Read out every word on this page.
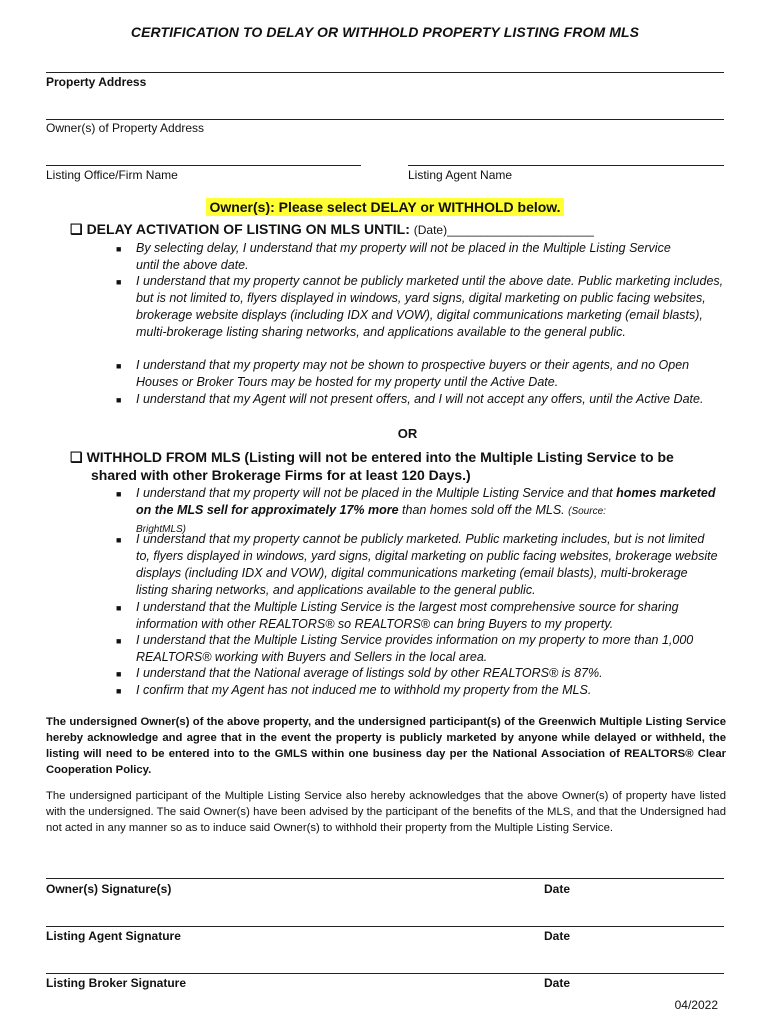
CERTIFICATION TO DELAY OR WITHHOLD PROPERTY LISTING FROM MLS
Property Address
Owner(s) of Property Address
Listing Office/Firm Name	Listing Agent Name
Owner(s): Please select DELAY or WITHHOLD below.
❏ DELAY ACTIVATION OF LISTING ON MLS UNTIL: (Date)______________________
■ By selecting delay, I understand that my property will not be placed in the Multiple Listing Service until the above date.
■ I understand that my property cannot be publicly marketed until the above date. Public marketing includes, but is not limited to, flyers displayed in windows, yard signs, digital marketing on public facing websites, brokerage website displays (including IDX and VOW), digital communications marketing (email blasts), multi-brokerage listing sharing networks, and applications available to the general public.
■ I understand that my property may not be shown to prospective buyers or their agents, and no Open Houses or Broker Tours may be hosted for my property until the Active Date.
■ I understand that my Agent will not present offers, and I will not accept any offers, until the Active Date.
OR
❏ WITHHOLD FROM MLS (Listing will not be entered into the Multiple Listing Service to be
shared with other Brokerage Firms for at least 120 Days.)
■ I understand that my property will not be placed in the Multiple Listing Service and that homes marketed on the MLS sell for approximately 17% more than homes sold off the MLS. (Source:
BrightMLS)
■ I understand that my property cannot be publicly marketed. Public marketing includes, but is not limited to, flyers displayed in windows, yard signs, digital marketing on public facing websites, brokerage website displays (including IDX and VOW), digital communications marketing (email blasts), multi-brokerage listing sharing networks, and applications available to the general public.
■ I understand that the Multiple Listing Service is the largest most comprehensive source for sharing information with other REALTORS® so REALTORS® can bring Buyers to my property.
■ I understand that the Multiple Listing Service provides information on my property to more than 1,000 REALTORS® working with Buyers and Sellers in the local area.
■ I understand that the National average of listings sold by other REALTORS® is 87%.
■ I confirm that my Agent has not induced me to withhold my property from the MLS.
The undersigned Owner(s) of the above property, and the undersigned participant(s) of the Greenwich Multiple Listing Service hereby acknowledge and agree that in the event the property is publicly marketed by anyone while delayed or withheld, the listing will need to be entered into to the GMLS within one business day per the National Association of REALTORS® Clear Cooperation Policy.
The undersigned participant of the Multiple Listing Service also hereby acknowledges that the above Owner(s) of property have listed with the undersigned. The said Owner(s) have been advised by the participant of the benefits of the MLS, and that the Undersigned had not acted in any manner so as to induce said Owner(s) to withhold their property from the Multiple Listing Service.
Owner(s) Signature(s)	Date
Listing Agent Signature	Date
Listing Broker Signature	Date
04/2022
